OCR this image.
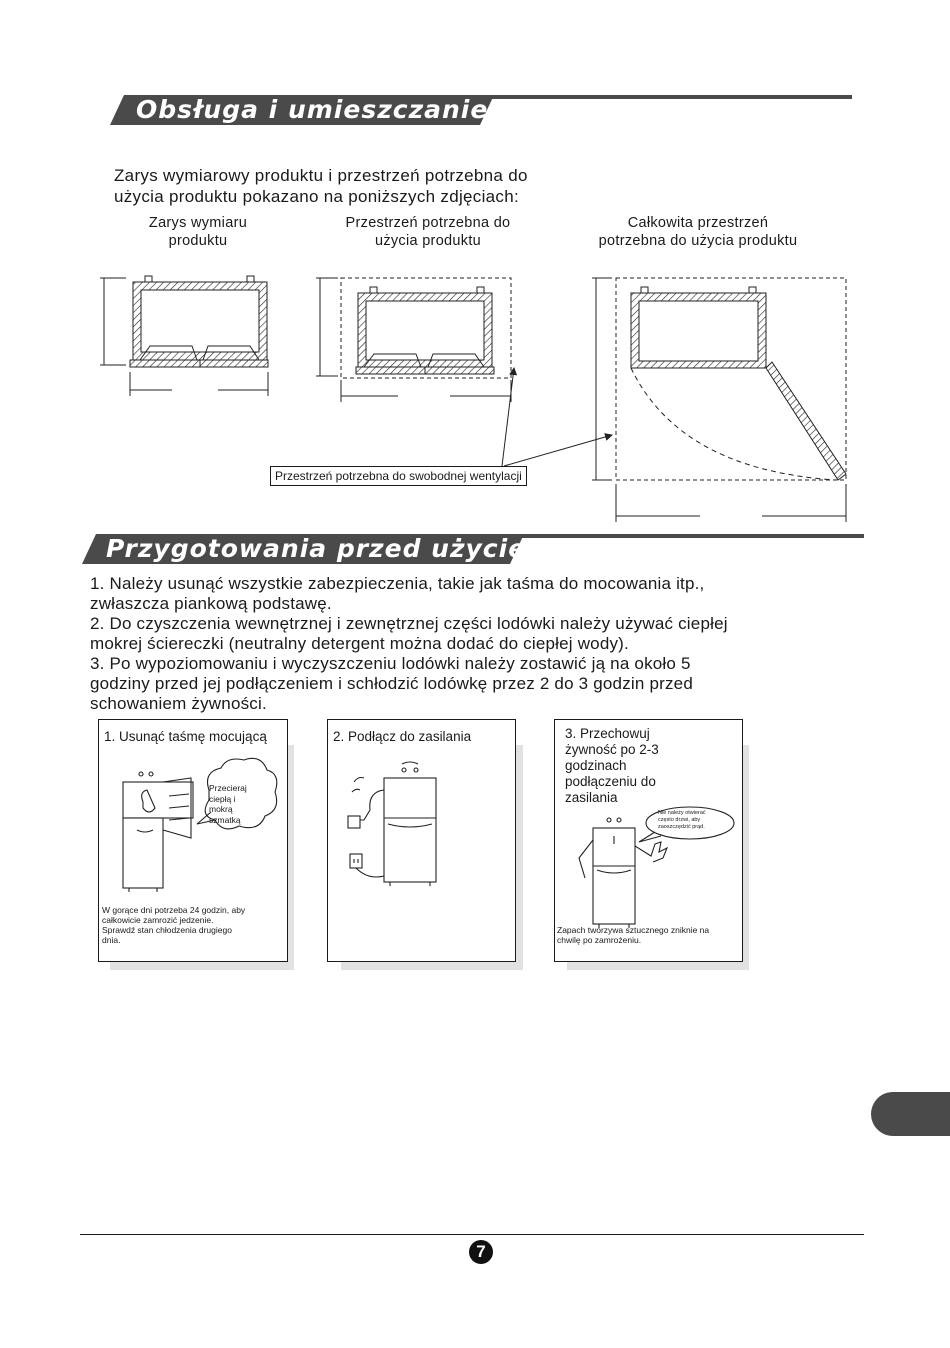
Obsługa i umieszczanie
Zarys wymiarowy produktu i przestrzeń potrzebna do
użycia produktu pokazano na poniższych zdjęciach:
Zarys wymiaru
produktu
Przestrzeń potrzebna do
użycia produktu
Całkowita przestrzeń
potrzebna do użycia produktu
Przestrzeń potrzebna do swobodnej wentylacji
Przygotowania przed użyciem
1. Należy usunąć wszystkie zabezpieczenia, takie jak taśma do mocowania itp.,
zwłaszcza piankową podstawę.
2. Do czyszczenia wewnętrznej i zewnętrznej części lodówki należy używać ciepłej
mokrej ściereczki (neutralny detergent można dodać do ciepłej wody).
3. Po wypoziomowaniu i wyczyszczeniu lodówki należy zostawić ją na około 5
godziny przed jej podłączeniem i schłodzić lodówkę przez 2 do 3 godzin przed
schowaniem żywności.
1. Usunąć taśmę mocującą
Przecieraj
ciepłą i
mokrą
szmatką
W gorące dni potrzeba 24 godzin, aby
całkowicie zamrozić jedzenie.
Sprawdź stan chłodzenia drugiego
dnia.
2. Podłącz do zasilania	3. Przechowuj
żywność po 2-3
godzinach
podłączeniu do
zasilania
Nie należy otwierać
często drzwi, aby
zaoszczędzić prąd.
Zapach tworzywa sztucznego zniknie na
chwilę po zamrożeniu.
7
